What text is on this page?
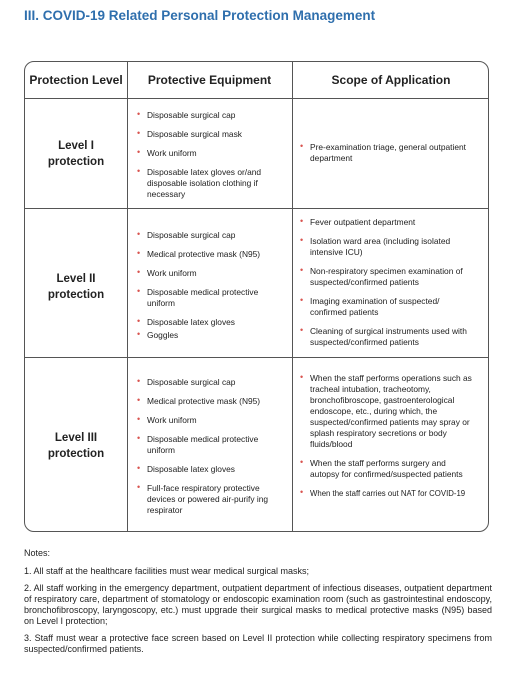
III. COVID-19 Related Personal Protection Management
Protection Level	Protective Equipment	Scope of Application
Level I
protection
• Disposable surgical cap
• Disposable surgical mask
• Work uniform
• Disposable latex gloves or/and disposable isolation clothing if necessary
• Pre-examination triage, general outpatient department
Level II
protection
• Disposable surgical cap
• Medical protective mask (N95)
• Work uniform
• Disposable medical protective uniform
• Disposable latex gloves
• Goggles
• Fever outpatient department
• Isolation ward area (including isolated intensive ICU)
• Non-respiratory specimen examination of suspected/confirmed patients
• Imaging examination of suspected/ confirmed patients
• Cleaning of surgical instruments used with suspected/confirmed patients
Level III
protection
• Disposable surgical cap
• Medical protective mask (N95)
• Work uniform
• Disposable medical protective uniform
• Disposable latex gloves
• Full-face respiratory protective devices or powered air-purify ing respirator
• When the staff performs operations such as tracheal intubation, tracheotomy, bronchofibroscope, gastroenterological endoscope, etc., during which, the suspected/confirmed patients may spray or splash respiratory secretions or body fluids/blood
• When the staff performs surgery and autopsy for confirmed/suspected patients
• When the staff carries out NAT for COVID-19

Notes:

1. All staff at the healthcare facilities must wear medical surgical masks;

2. All staff working in the emergency department, outpatient department of infectious diseases, outpatient department of respiratory care, department of stomatology or endoscopic examination room (such as gastrointestinal endoscopy, bronchofibroscopy, laryngoscopy, etc.) must upgrade their surgical masks to medical protective masks (N95) based on Level I protection;

3. Staff must wear a protective face screen based on Level II protection while collecting respiratory specimens from suspected/confirmed patients.
